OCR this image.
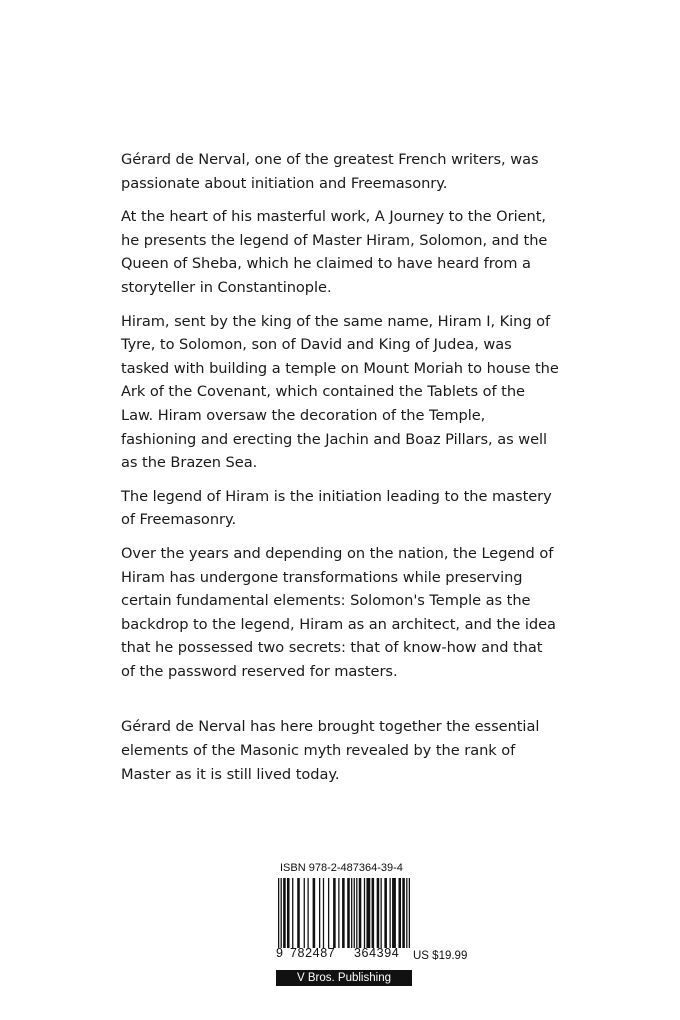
Gérard de Nerval, one of the greatest French writers, was passionate about initiation and Freemasonry.

At the heart of his masterful work, A Journey to the Orient, he presents the legend of Master Hiram, Solomon, and the Queen of Sheba, which he claimed to have heard from a storyteller in Constantinople.

Hiram, sent by the king of the same name, Hiram I, King of Tyre, to Solomon, son of David and King of Judea, was tasked with building a temple on Mount Moriah to house the Ark of the Covenant, which contained the Tablets of the Law. Hiram oversaw the decoration of the Temple, fashioning and erecting the Jachin and Boaz Pillars, as well as the Brazen Sea.

The legend of Hiram is the initiation leading to the mastery of Freemasonry.

Over the years and depending on the nation, the Legend of Hiram has undergone transformations while preserving certain fundamental elements: Solomon's Temple as the backdrop to the legend, Hiram as an architect, and the idea that he possessed two secrets: that of know-how and that of the password reserved for masters.

Gérard de Nerval has here brought together the essential elements of the Masonic myth revealed by the rank of Master as it is still lived today.

ISBN 978-2-487364-39-4
9 782487 364394 US $19.99
V Bros. Publishing
